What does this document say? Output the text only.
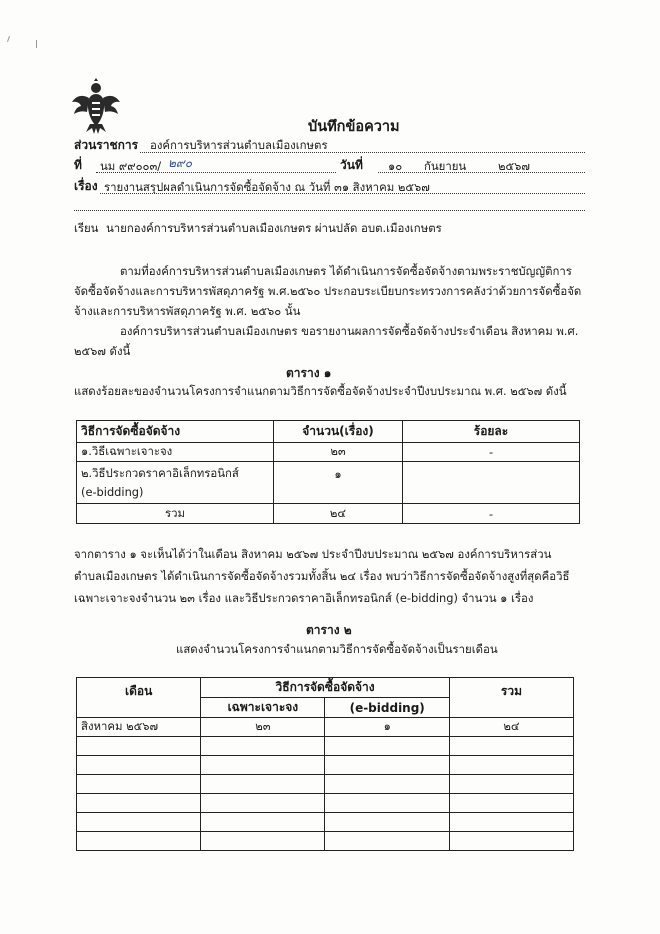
บันทึกข้อความ
ส่วนราชการ องค์การบริหารส่วนตำบลเมืองเกษตร
ที่ นม ๙๙๐๐๓/ ๒๙๐	วันที่ ๑๐ กันยายน	๒๕๖๗
เรื่อง รายงานสรุปผลดำเนินการจัดซื้อจัดจ้าง ณ วันที่ ๓๑ สิงหาคม ๒๕๖๗
เรียน นายกองค์การบริหารส่วนตำบลเมืองเกษตร ผ่านปลัด อบต.เมืองเกษตร
ตามที่องค์การบริหารส่วนตำบลเมืองเกษตร ได้ดำเนินการจัดซื้อจัดจ้างตามพระราชบัญญัติการ
จัดซื้อจัดจ้างและการบริหารพัสดุภาครัฐ พ.ศ.๒๕๖๐ ประกอบระเบียบกระทรวงการคลังว่าด้วยการจัดซื้อจัด
จ้างและการบริหารพัสดุภาครัฐ พ.ศ. ๒๕๖๐ นั้น
องค์การบริหารส่วนตำบลเมืองเกษตร ขอรายงานผลการจัดซื้อจัดจ้างประจำเดือน สิงหาคม พ.ศ.
๒๕๖๗ ดังนี้
ตาราง ๑
แสดงร้อยละของจำนวนโครงการจำแนกตามวิธีการจัดซื้อจัดจ้างประจำปีงบประมาณ พ.ศ. ๒๕๖๗ ดังนี้
วิธีการจัดซื้อจัดจ้าง	จำนวน(เรื่อง)	ร้อยละ
๑.วิธีเฉพาะเจาะจง	๒๓	-

๒.วิธีประกวดราคาอิเล็กทรอนิกส์
(e-bidding)	๑	
รวม	๒๔	-
จากตาราง ๑ จะเห็นได้ว่าในเดือน สิงหาคม ๒๕๖๗ ประจำปีงบประมาณ ๒๕๖๗ องค์การบริหารส่วน
ตำบลเมืองเกษตร ได้ดำเนินการจัดซื้อจัดจ้างรวมทั้งสิ้น ๒๔ เรื่อง พบว่าวิธีการจัดซื้อจัดจ้างสูงที่สุดคือวิธี
เฉพาะเจาะจงจำนวน ๒๓ เรื่อง และวิธีประกวดราคาอิเล็กทรอนิกส์ (e-bidding) จำนวน ๑ เรื่อง
ตาราง ๒
แสดงจำนวนโครงการจำแนกตามวิธีการจัดซื้อจัดจ้างเป็นรายเดือน
เดือน	วิธีการจัดซื้อจัดจ้าง		รวม
	เฉพาะเจาะจง	(e-bidding)	
สิงหาคม ๒๕๖๗	๒๓	๑	๒๔
